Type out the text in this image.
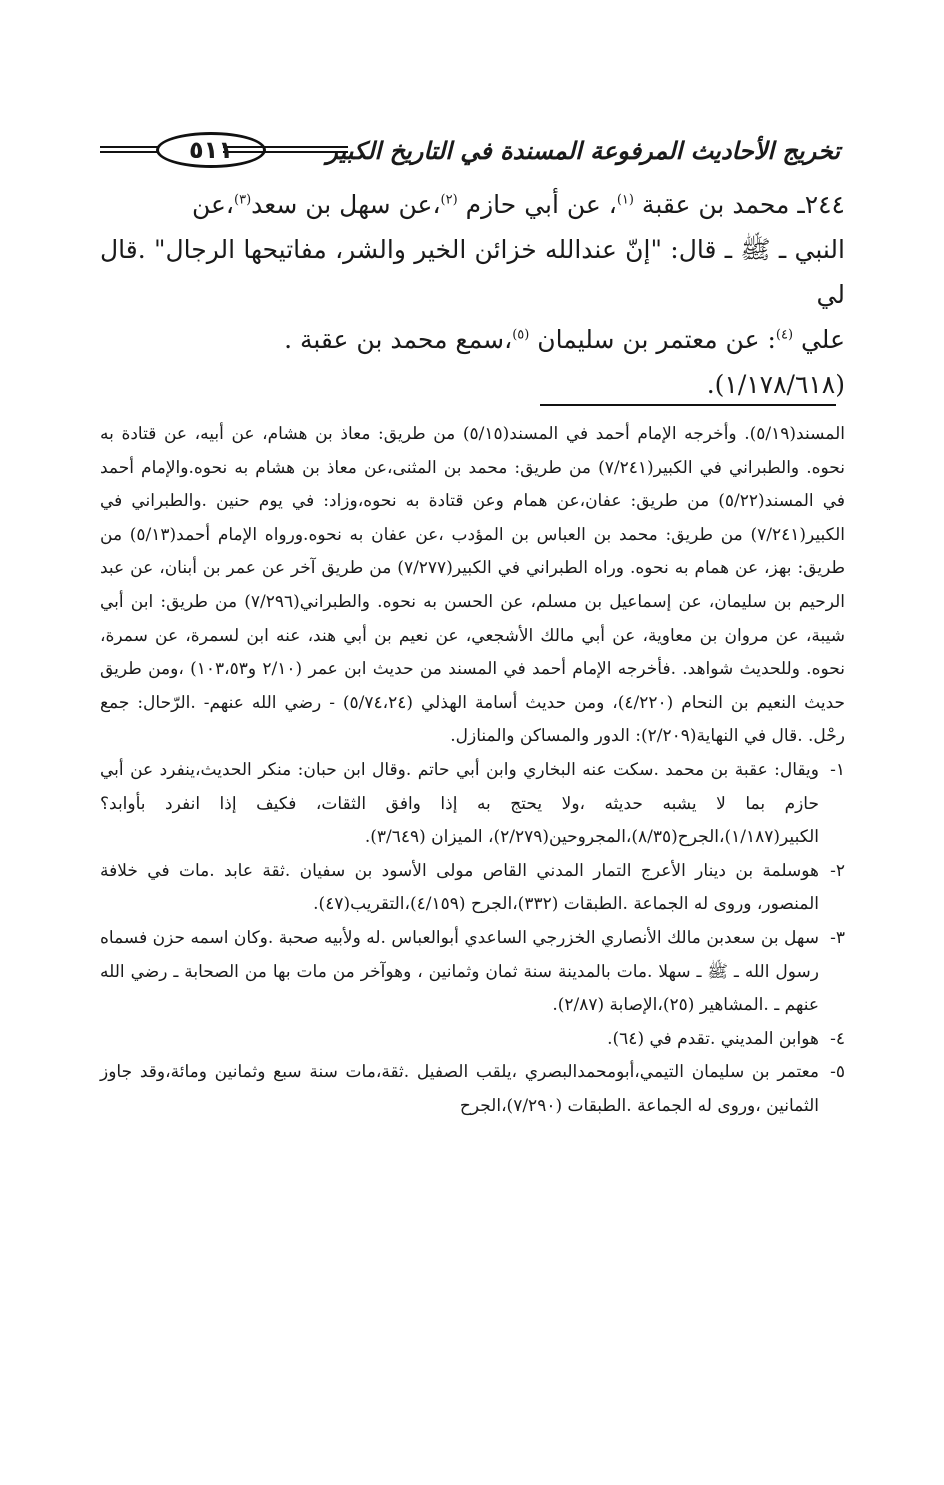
تخريج الأحاديث المرفوعة المسندة في التاريخ الكبير
٥١١

٢٤٤ـ محمد بن عقبة $^{(١)}$، عن أبي حازم $^{(٢)}$،عن سهل بن سعد$^{(٣)}$،عن

النبي ـ ﷺ ـ قال: "إنّ عندالله خزائن الخير والشر، مفاتيحها الرجال" .قال لي

علي $^{(٤)}$: عن معتمر بن سليمان $^{(٥)}$،سمع محمد بن عقبة .

(١/١٧٨/٦١٨).

المسند(٥/١٩). وأخرجه الإمام أحمد في المسند(٥/١٥) من طريق: معاذ بن هشام، عن أبيه، عن قتادة به نحوه. والطبراني في الكبير(٧/٢٤١) من طريق: محمد بن المثنى،عن معاذ بن هشام به نحوه.والإمام أحمد في المسند(٥/٢٢) من طريق: عفان،عن همام وعن قتادة به نحوه،وزاد: في يوم حنين .والطبراني في الكبير(٧/٢٤١) من طريق: محمد بن العباس بن المؤدب ،عن عفان به نحوه.ورواه الإمام أحمد(٥/١٣) من طريق: بهز، عن همام به نحوه. وراه الطبراني في الكبير(٧/٢٧٧) من طريق آخر عن عمر بن أبنان، عن عبد الرحيم بن سليمان، عن إسماعيل بن مسلم، عن الحسن به نحوه. والطبراني(٧/٢٩٦) من طريق: ابن أبي شيبة، عن مروان بن معاوية، عن أبي مالك الأشجعي، عن نعيم بن أبي هند، عنه ابن لسمرة، عن سمرة، نحوه. وللحديث شواهد. .فأخرجه الإمام أحمد في المسند من حديث ابن عمر (٢/١٠ و١٠٣،٥٣) ،ومن طريق حديث النعيم بن النحام (٤/٢٢٠)، ومن حديث أسامة الهذلي (٥/٧٤،٢٤) - رضي الله عنهم- .الرّحال: جمع رحْل. .قال في النهاية(٢/٢٠٩): الدور والمساكن والمنازل.

١-
ويقال: عقبة بن محمد .سكت عنه البخاري وابن أبي حاتم .وقال ابن حبان: منكر الحديث،ينفرد عن أبي حازم بما لا يشبه حديثه ،ولا يحتج به إذا وافق الثقات، فكيف إذا انفرد بأوابد؟ الكبير(١/١٨٧)،الجرح(٨/٣٥)،المجروحين(٢/٢٧٩)، الميزان (٣/٦٤٩).
٢-
هوسلمة بن دينار الأعرج التمار المدني القاص مولى الأسود بن سفيان .ثقة عابد .مات في خلافة المنصور، وروى له الجماعة .الطبقات (٣٣٢)،الجرح (٤/١٥٩)،التقريب(٤٧).
٣-
سهل بن سعدبن مالك الأنصاري الخزرجي الساعدي أبوالعباس .له ولأبيه صحبة .وكان اسمه حزن فسماه رسول الله ـ ﷺ ـ سهلا .مات بالمدينة سنة ثمان وثمانين ، وهوآخر من مات بها من الصحابة ـ رضي الله عنهم ـ .المشاهير (٢٥)،الإصابة (٢/٨٧).
٤-
هوابن المديني .تقدم في (٦٤).
٥-
معتمر بن سليمان التيمي،أبومحمدالبصري ،يلقب الصفيل .ثقة،مات سنة سبع وثمانين ومائة،وقد جاوز الثمانين ،وروى له الجماعة .الطبقات (٧/٢٩٠)،الجرح
